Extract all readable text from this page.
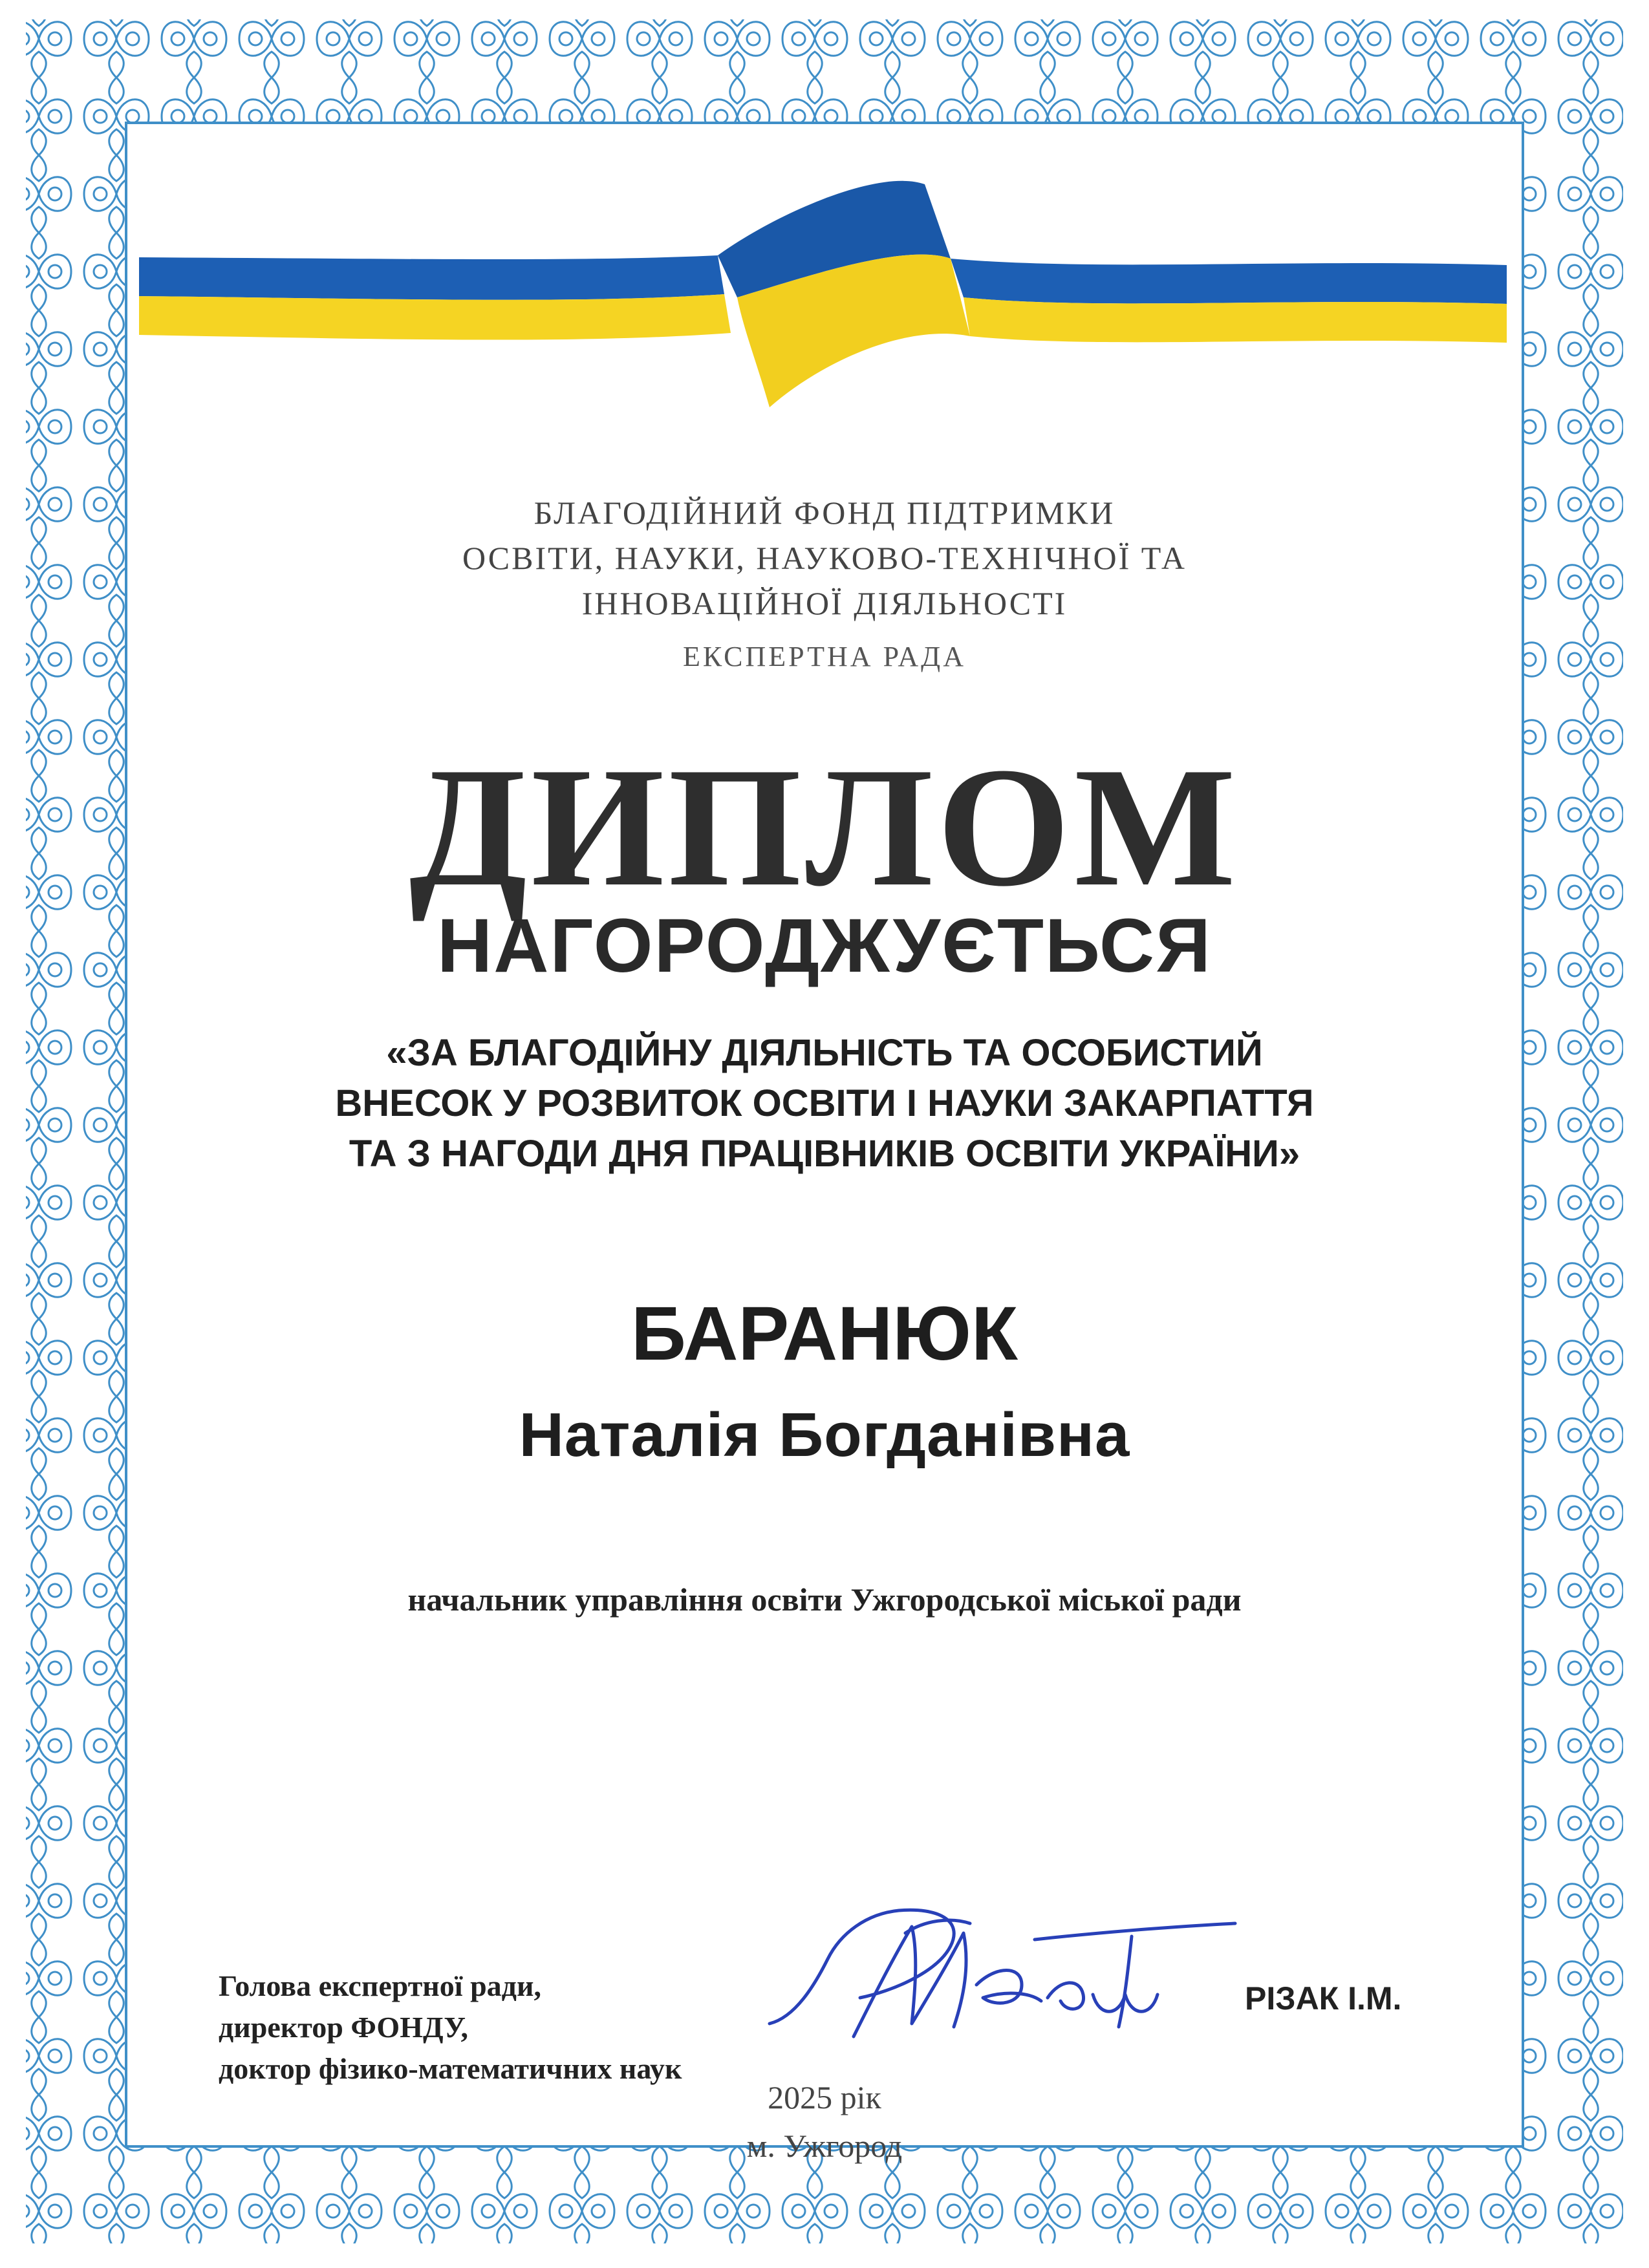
БЛАГОДІЙНИЙ ФОНД ПІДТРИМКИ
ОСВІТИ, НАУКИ, НАУКОВО-ТЕХНІЧНОЇ ТА
ІННОВАЦІЙНОЇ ДІЯЛЬНОСТІ
ЕКСПЕРТНА РАДА
ДИПЛОМ
НАГОРОДЖУЄТЬСЯ
«ЗА БЛАГОДІЙНУ ДІЯЛЬНІСТЬ ТА ОСОБИСТИЙ
ВНЕСОК У РОЗВИТОК ОСВІТИ І НАУКИ ЗАКАРПАТТЯ
ТА З НАГОДИ ДНЯ ПРАЦІВНИКІВ ОСВІТИ УКРАЇНИ»
БАРАНЮК
Наталія Богданівна
начальник управління освіти Ужгородської міської ради
Голова експертної ради,
директор ФОНДУ,
доктор фізико-математичних наук
РІЗАК І.М.
2025 рік
м. Ужгород
